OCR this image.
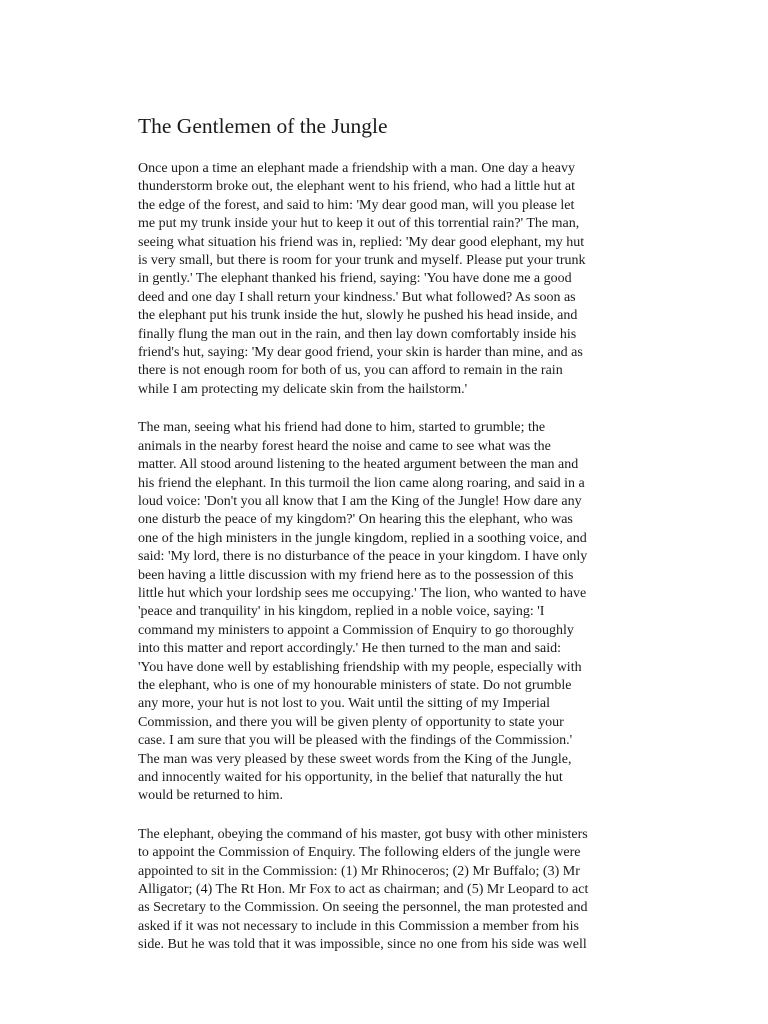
The Gentlemen of the Jungle

Once upon a time an elephant made a friendship with a man. One day a heavy
thunderstorm broke out, the elephant went to his friend, who had a little hut at
the edge of the forest, and said to him: 'My dear good man, will you please let
me put my trunk inside your hut to keep it out of this torrential rain?' The man,
seeing what situation his friend was in, replied: 'My dear good elephant, my hut
is very small, but there is room for your trunk and myself. Please put your trunk
in gently.' The elephant thanked his friend, saying: 'You have done me a good
deed and one day I shall return your kindness.' But what followed? As soon as
the elephant put his trunk inside the hut, slowly he pushed his head inside, and
finally flung the man out in the rain, and then lay down comfortably inside his
friend's hut, saying: 'My dear good friend, your skin is harder than mine, and as
there is not enough room for both of us, you can afford to remain in the rain
while I am protecting my delicate skin from the hailstorm.'

The man, seeing what his friend had done to him, started to grumble; the
animals in the nearby forest heard the noise and came to see what was the
matter. All stood around listening to the heated argument between the man and
his friend the elephant. In this turmoil the lion came along roaring, and said in a
loud voice: 'Don't you all know that I am the King of the Jungle! How dare any
one disturb the peace of my kingdom?' On hearing this the elephant, who was
one of the high ministers in the jungle kingdom, replied in a soothing voice, and
said: 'My lord, there is no disturbance of the peace in your kingdom. I have only
been having a little discussion with my friend here as to the possession of this
little hut which your lordship sees me occupying.' The lion, who wanted to have
'peace and tranquility' in his kingdom, replied in a noble voice, saying: 'I
command my ministers to appoint a Commission of Enquiry to go thoroughly
into this matter and report accordingly.' He then turned to the man and said:
'You have done well by establishing friendship with my people, especially with
the elephant, who is one of my honourable ministers of state. Do not grumble
any more, your hut is not lost to you. Wait until the sitting of my Imperial
Commission, and there you will be given plenty of opportunity to state your
case. I am sure that you will be pleased with the findings of the Commission.'
The man was very pleased by these sweet words from the King of the Jungle,
and innocently waited for his opportunity, in the belief that naturally the hut
would be returned to him.

The elephant, obeying the command of his master, got busy with other ministers
to appoint the Commission of Enquiry. The following elders of the jungle were
appointed to sit in the Commission: (1) Mr Rhinoceros; (2) Mr Buffalo; (3) Mr
Alligator; (4) The Rt Hon. Mr Fox to act as chairman; and (5) Mr Leopard to act
as Secretary to the Commission. On seeing the personnel, the man protested and
asked if it was not necessary to include in this Commission a member from his
side. But he was told that it was impossible, since no one from his side was well
